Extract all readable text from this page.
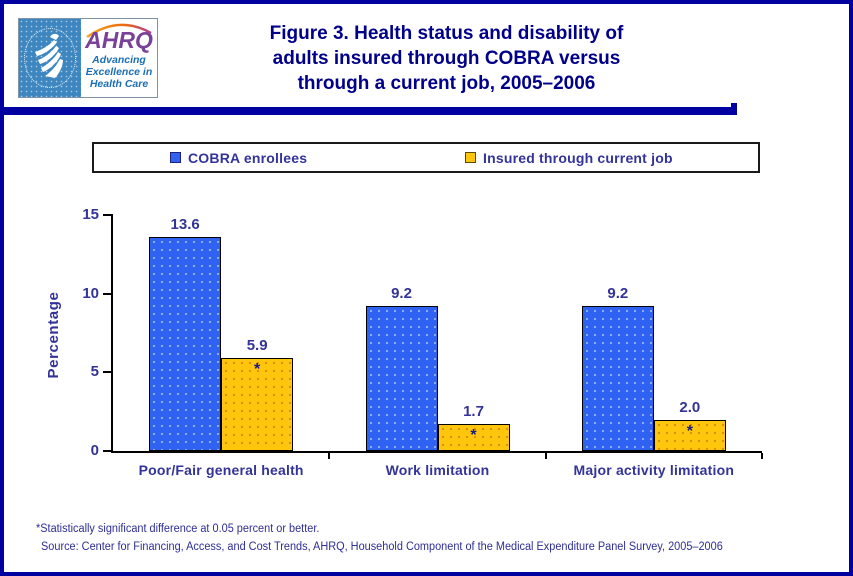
AHRQ
Advancing
Excellence in
Health Care
Figure 3. Health status and disability of
adults insured through COBRA versus
through a current job, 2005–2006
COBRA enrollees	Insured through current job
Percentage
0
5
10
15
13.6
5.9
*
Poor/Fair general health
9.2
1.7
*
Work limitation
9.2
2.0
*
Major activity limitation
*Statistically significant difference at 0.05 percent or better.
Source: Center for Financing, Access, and Cost Trends, AHRQ, Household Component of the Medical Expenditure Panel Survey, 2005–2006
